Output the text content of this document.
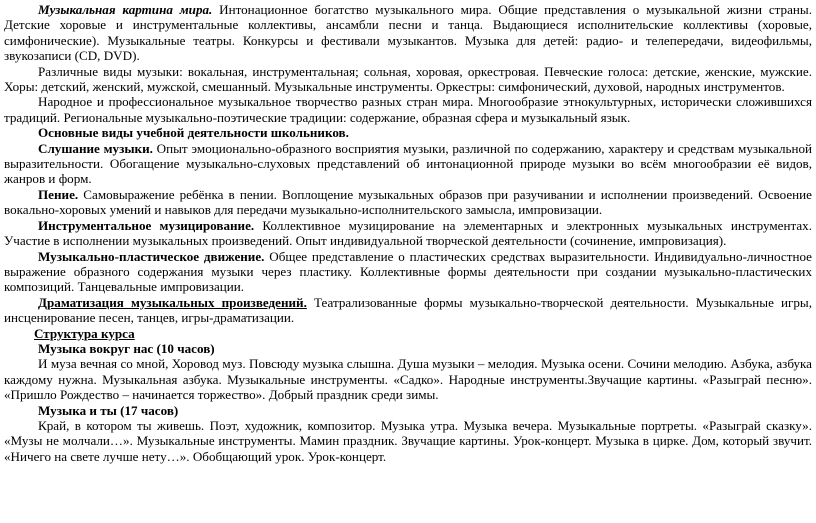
Музыкальная картина мира. Интонационное богатство музыкального мира. Общие представления о музыкальной жизни страны. Детские хоровые и инструментальные коллективы, ансамбли песни и танца. Выдающиеся исполнительские коллективы (хоровые, симфонические). Музыкальные театры. Конкурсы и фестивали музыкантов. Музыка для детей: радио- и телепередачи, видеофильмы, звукозаписи (CD, DVD).

Различные виды музыки: вокальная, инструментальная; сольная, хоровая, оркестровая. Певческие голоса: детские, женские, мужские. Хоры: детский, женский, мужской, смешанный. Музыкальные инструменты. Оркестры: симфонический, духовой, народных инструментов.

Народное и профессиональное музыкальное творчество разных стран мира. Многообразие этнокультурных, исторически сложившихся традиций. Региональные музыкально-поэтические традиции: содержание, образная сфера и музыкальный язык.

Основные виды учебной деятельности школьников.

Слушание музыки. Опыт эмоционально-образного восприятия музыки, различной по содержанию, характеру и средствам музыкальной выразительности. Обогащение музыкально-слуховых представлений об интонационной природе музыки во всём многообразии её видов, жанров и форм.

Пение. Самовыражение ребёнка в пении. Воплощение музыкальных образов при разучивании и исполнении произведений. Освоение вокально-хоровых умений и навыков для передачи музыкально-исполнительского замысла, импровизации.

Инструментальное музицирование. Коллективное музицирование на элементарных и электронных музыкальных инструментах. Участие в исполнении музыкальных произведений. Опыт индивидуальной творческой деятельности (сочинение, импровизация).

Музыкально-пластическое движение. Общее представление о пластических средствах выразительности. Индивидуально-личностное выражение образного содержания музыки через пластику. Коллективные формы деятельности при создании музыкально-пластических композиций. Танцевальные импровизации.

Драматизация музыкальных произведений. Театрализованные формы музыкально-творческой деятельности. Музыкальные игры, инсценирование песен, танцев, игры-драматизации.

Структура курса

Музыка вокруг нас (10 часов)

И муза вечная со мной, Хоровод муз. Повсюду музыка слышна. Душа музыки – мелодия. Музыка осени. Сочини мелодию. Азбука, азбука каждому нужна. Музыкальная азбука. Музыкальные инструменты. «Садко». Народные инструменты.Звучащие картины. «Разыграй песню». «Пришло Рождество – начинается торжество». Добрый праздник среди зимы.

Музыка и ты (17 часов)

Край, в котором ты живешь. Поэт, художник, композитор. Музыка утра. Музыка вечера. Музыкальные портреты. «Разыграй сказку». «Музы не молчали…». Музыкальные инструменты. Мамин праздник. Звучащие картины. Урок-концерт. Музыка в цирке. Дом, который звучит. «Ничего на свете лучше нету…». Обобщающий урок. Урок-концерт.
